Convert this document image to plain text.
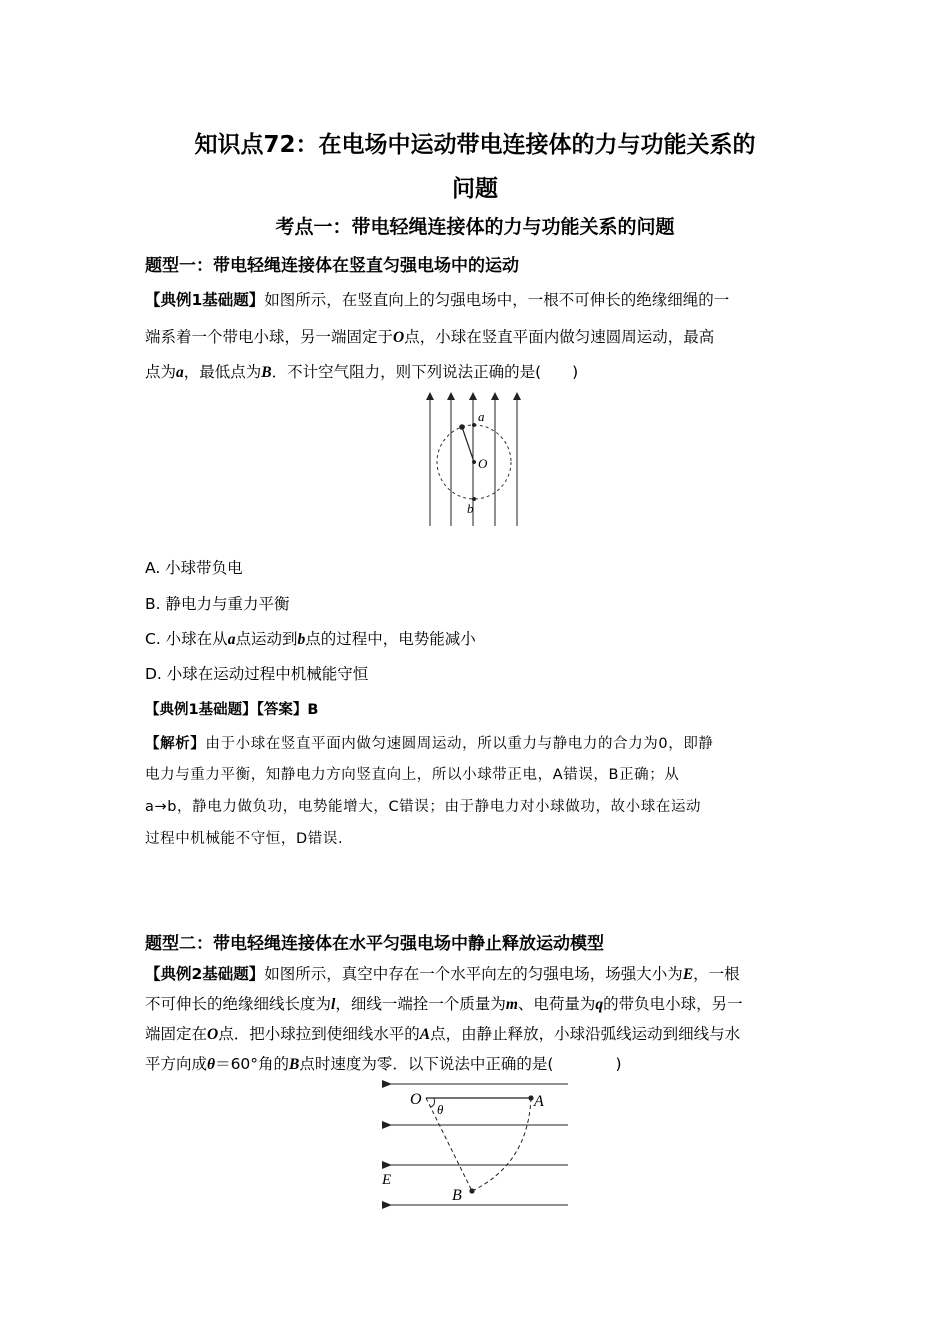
知识点72：在电场中运动带电连接体的力与功能关系的
问题
考点一：带电轻绳连接体的力与功能关系的问题
题型一：带电轻绳连接体在竖直匀强电场中的运动
【典例1基础题】如图所示，在竖直向上的匀强电场中，一根不可伸长的绝缘细绳的一
端系着一个带电小球，另一端固定于O点，小球在竖直平面内做匀速圆周运动，最高
点为a，最低点为B．不计空气阻力，则下列说法正确的是(　　)
a
O
b
A. 小球带负电
B. 静电力与重力平衡
C. 小球在从a点运动到b点的过程中，电势能减小
D. 小球在运动过程中机械能守恒
【典例1基础题】【答案】B
【解析】由于小球在竖直平面内做匀速圆周运动，所以重力与静电力的合力为0，即静
电力与重力平衡，知静电力方向竖直向上，所以小球带正电，A错误，B正确；从
a→b，静电力做负功，电势能增大，C错误；由于静电力对小球做功，故小球在运动
过程中机械能不守恒，D错误.
题型二：带电轻绳连接体在水平匀强电场中静止释放运动模型
【典例2基础题】如图所示，真空中存在一个水平向左的匀强电场，场强大小为E，一根
不可伸长的绝缘细线长度为l，细线一端拴一个质量为m、电荷量为q的带负电小球，另一
端固定在O点．把小球拉到使细线水平的A点，由静止释放，小球沿弧线运动到细线与水
平方向成θ＝60°角的B点时速度为零．以下说法中正确的是(　　　　)
O
θ	A
E
B
